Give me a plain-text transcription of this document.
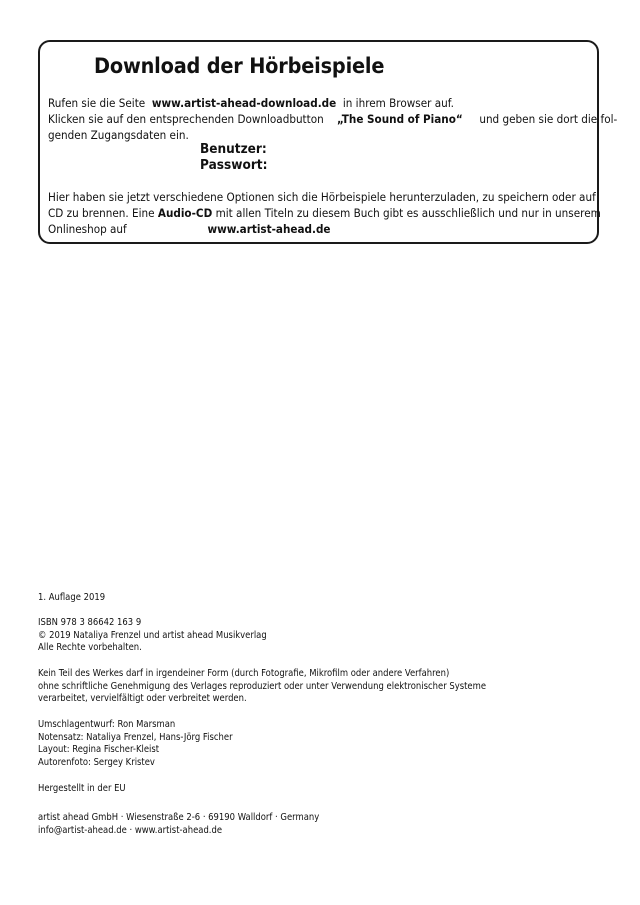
Download der Hörbeispiele
Rufen sie die Seite www.artist-ahead-download.de in ihrem Browser auf.
Klicken sie auf den entsprechenden Downloadbutton „The Sound of Piano“ und geben sie dort die fol-
genden Zugangsdaten ein.
Benutzer:
Passwort:
Hier haben sie jetzt verschiedene Optionen sich die Hörbeispiele herunterzuladen, zu speichern oder auf
CD zu brennen. Eine Audio-CD mit allen Titeln zu diesem Buch gibt es ausschließlich und nur in unserem
Onlineshop auf	www.artist-ahead.de
1. Auflage 2019
ISBN 978 3 86642 163 9
© 2019 Nataliya Frenzel und artist ahead Musikverlag
Alle Rechte vorbehalten.
Kein Teil des Werkes darf in irgendeiner Form (durch Fotografie, Mikrofilm oder andere Verfahren)
ohne schriftliche Genehmigung des Verlages reproduziert oder unter Verwendung elektronischer Systeme
verarbeitet, vervielfältigt oder verbreitet werden.
Umschlagentwurf: Ron Marsman
Notensatz: Nataliya Frenzel, Hans-Jörg Fischer
Layout: Regina Fischer-Kleist
Autorenfoto: Sergey Kristev
Hergestellt in der EU
artist ahead GmbH · Wiesenstraße 2-6 · 69190 Walldorf · Germany
info@artist-ahead.de · www.artist-ahead.de
